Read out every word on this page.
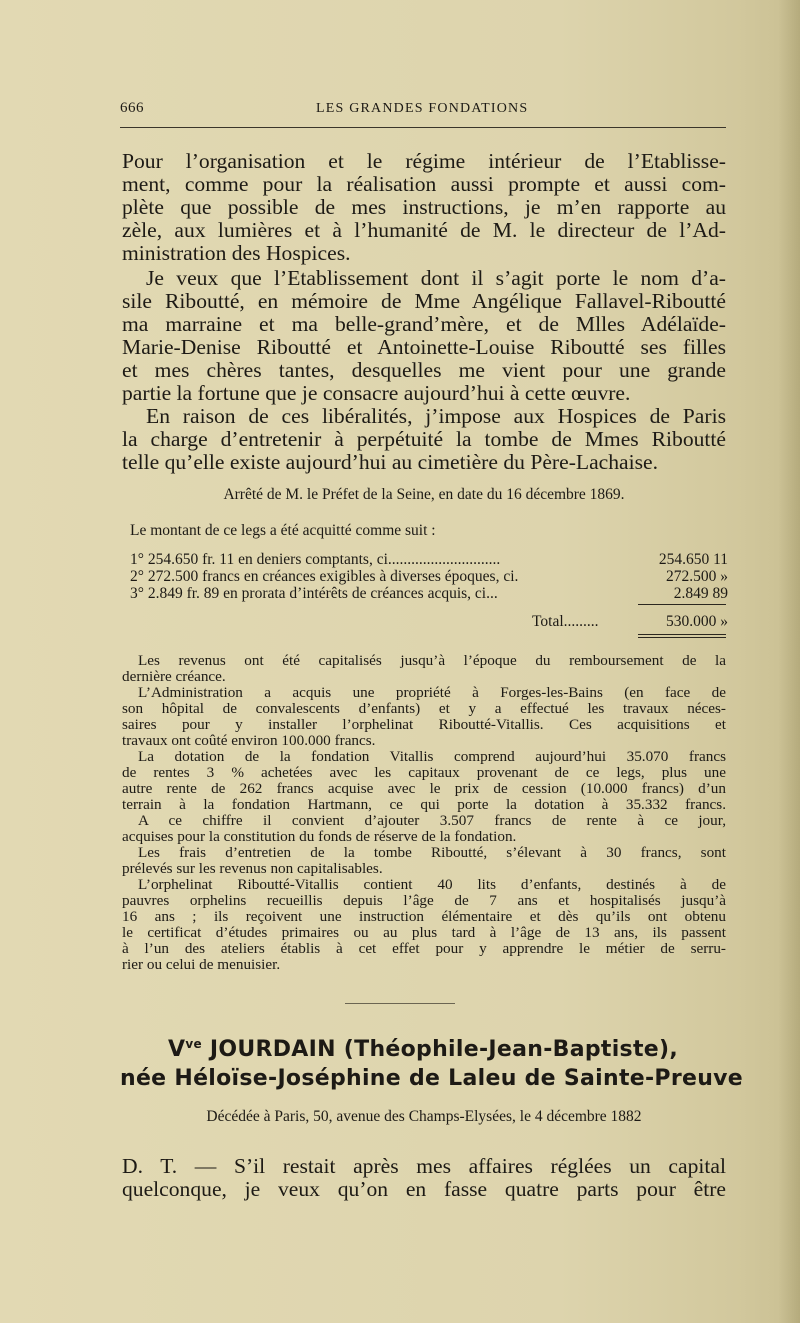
666	LES GRANDES FONDATIONS
Pour l’organisation et le régime intérieur de l’Etablisse-
ment, comme pour la réalisation aussi prompte et aussi com-
plète que possible de mes instructions, je m’en rapporte au
zèle, aux lumières et à l’humanité de M. le directeur de l’Ad-
ministration des Hospices.
Je veux que l’Etablissement dont il s’agit porte le nom d’a-
sile Riboutté, en mémoire de Mme Angélique Fallavel-Riboutté
ma marraine et ma belle-grand’mère, et de Mlles Adélaïde-
Marie-Denise Riboutté et Antoinette-Louise Riboutté ses filles
et mes chères tantes, desquelles me vient pour une grande
partie la fortune que je consacre aujourd’hui à cette œuvre.
En raison de ces libéralités, j’impose aux Hospices de Paris
la charge d’entretenir à perpétuité la tombe de Mmes Riboutté
telle qu’elle existe aujourd’hui au cimetière du Père-Lachaise.
Arrêté de M. le Préfet de la Seine, en date du 16 décembre 1869.
Le montant de ce legs a été acquitté comme suit :
1° 254.650 fr. 11 en deniers comptants, ci.............................	254.650 11
2° 272.500 francs en créances exigibles à diverses époques, ci.	272.500 »
3° 2.849 fr. 89 en prorata d’intérêts de créances acquis, ci...	2.849 89
Total.........	530.000 »
Les revenus ont été capitalisés jusqu’à l’époque du remboursement de la
dernière créance.
L’Administration a acquis une propriété à Forges-les-Bains (en face de
son hôpital de convalescents d’enfants) et y a effectué les travaux néces-
saires pour y installer l’orphelinat Riboutté-Vitallis. Ces acquisitions et
travaux ont coûté environ 100.000 francs.
La dotation de la fondation Vitallis comprend aujourd’hui 35.070 francs
de rentes 3 % achetées avec les capitaux provenant de ce legs, plus une
autre rente de 262 francs acquise avec le prix de cession (10.000 francs) d’un
terrain à la fondation Hartmann, ce qui porte la dotation à 35.332 francs.
A ce chiffre il convient d’ajouter 3.507 francs de rente à ce jour,
acquises pour la constitution du fonds de réserve de la fondation.
Les frais d’entretien de la tombe Riboutté, s’élevant à 30 francs, sont
prélevés sur les revenus non capitalisables.
L’orphelinat Riboutté-Vitallis contient 40 lits d’enfants, destinés à de
pauvres orphelins recueillis depuis l’âge de 7 ans et hospitalisés jusqu’à
16 ans ; ils reçoivent une instruction élémentaire et dès qu’ils ont obtenu
le certificat d’études primaires ou au plus tard à l’âge de 13 ans, ils passent
à l’un des ateliers établis à cet effet pour y apprendre le métier de serru-
rier ou celui de menuisier.
$V^{ve}$ JOURDAIN (Théophile-Jean-Baptiste),
née Héloïse-Joséphine de Laleu de Sainte-Preuve
Décédée à Paris, 50, avenue des Champs-Elysées, le 4 décembre 1882
D. T. — S’il restait après mes affaires réglées un capital
quelconque, je veux qu’on en fasse quatre parts pour être
